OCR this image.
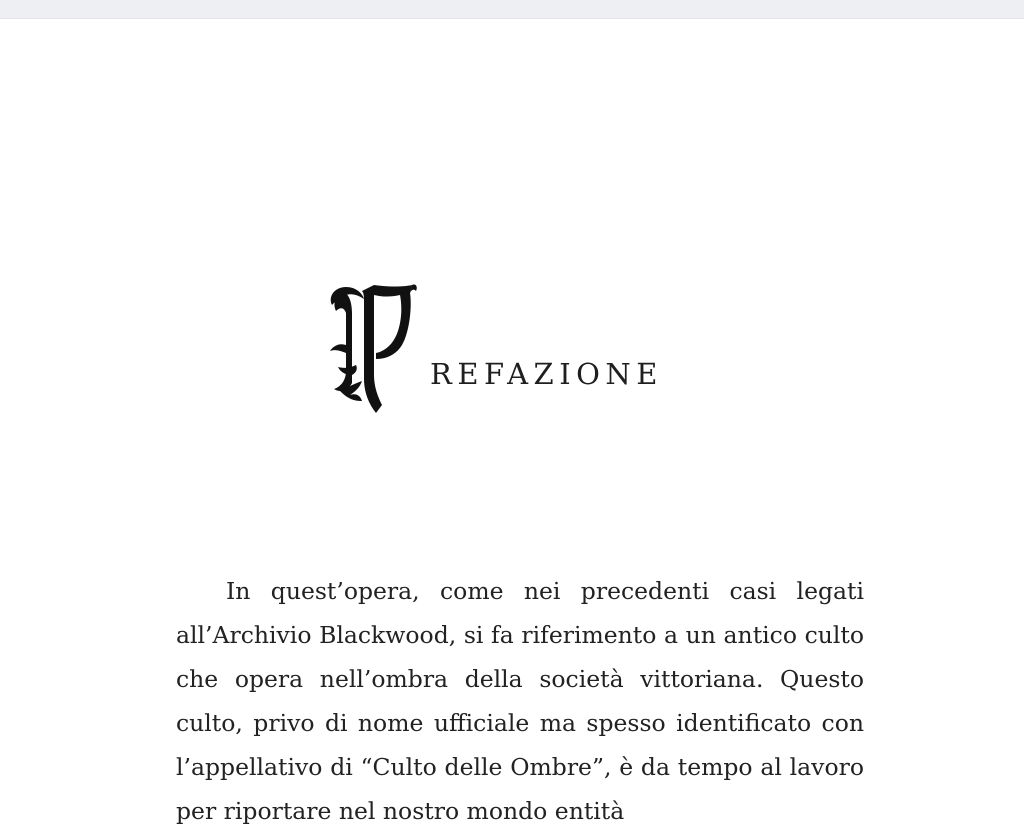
REFAZIONE

In quest’opera, come nei precedenti casi legati all’Archivio Blackwood, si fa riferimento a un antico culto che opera nell’ombra della società vittoriana. Questo culto, privo di nome ufficiale ma spesso identificato con l’appellativo di “Culto delle Ombre”, è da tempo al lavoro per riportare nel nostro mondo entità
